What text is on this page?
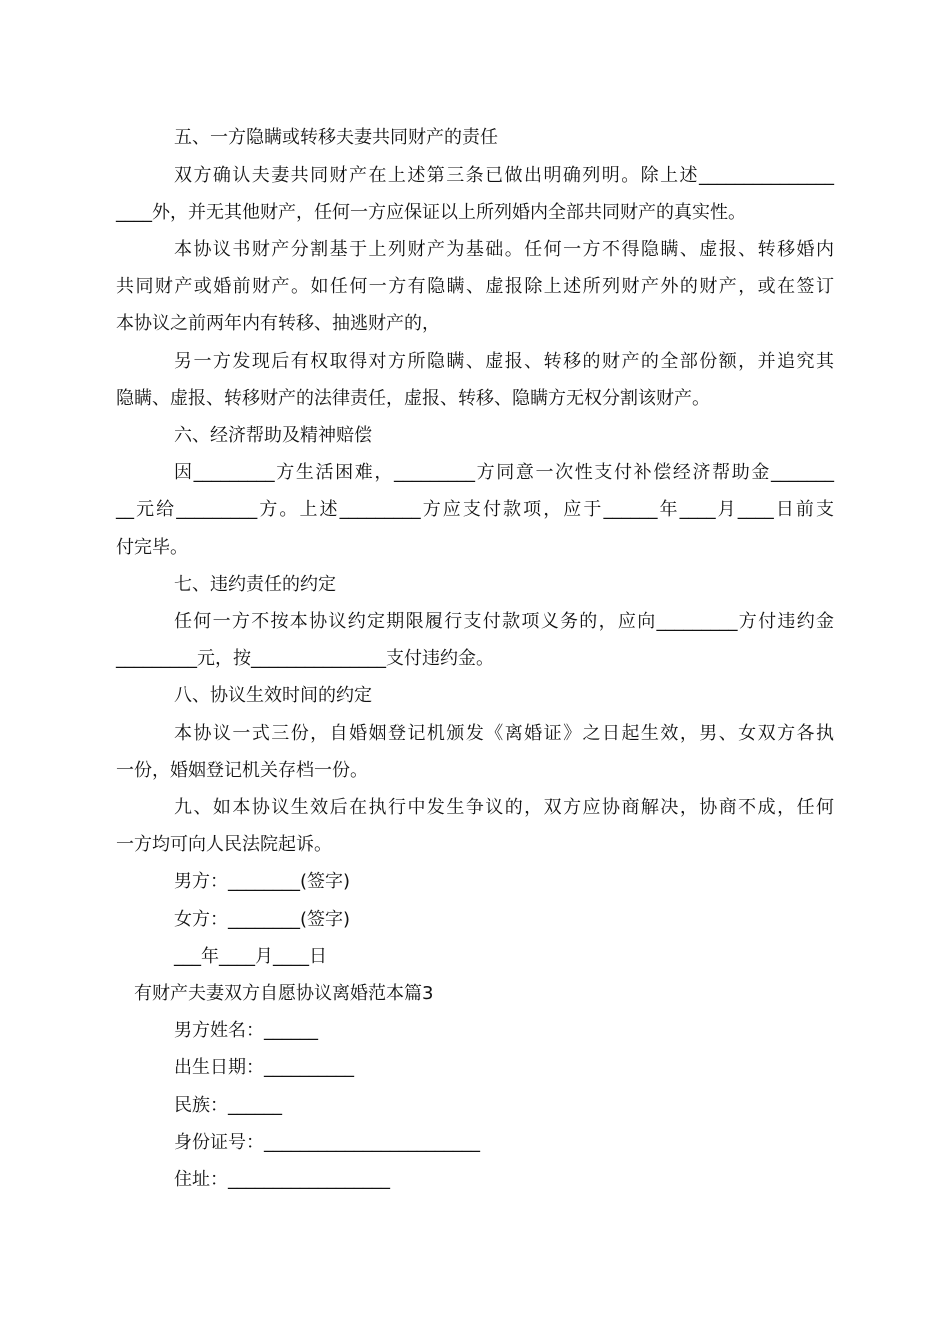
五、一方隐瞒或转移夫妻共同财产的责任
双方确认夫妻共同财产在上述第三条已做出明确列明。除上述_______________
____外，并无其他财产，任何一方应保证以上所列婚内全部共同财产的真实性。
本协议书财产分割基于上列财产为基础。任何一方不得隐瞒、虚报、转移婚内
共同财产或婚前财产。如任何一方有隐瞒、虚报除上述所列财产外的财产，或在签订
本协议之前两年内有转移、抽逃财产的，
另一方发现后有权取得对方所隐瞒、虚报、转移的财产的全部份额，并追究其
隐瞒、虚报、转移财产的法律责任，虚报、转移、隐瞒方无权分割该财产。
六、经济帮助及精神赔偿
因_________方生活困难，_________方同意一次性支付补偿经济帮助金_______
__元给_________方。上述_________方应支付款项，应于______年____月____日前支
付完毕。
七、违约责任的约定
任何一方不按本协议约定期限履行支付款项义务的，应向_________方付违约金
_________元，按_______________支付违约金。
八、协议生效时间的约定
本协议一式三份，自婚姻登记机颁发《离婚证》之日起生效，男、女双方各执
一份，婚姻登记机关存档一份。
九、如本协议生效后在执行中发生争议的，双方应协商解决，协商不成，任何
一方均可向人民法院起诉。
男方：________(签字)
女方：________(签字)
___年____月____日
有财产夫妻双方自愿协议离婚范本篇3
男方姓名：______
出生日期：__________
民族：______
身份证号：________________________
住址：__________________
